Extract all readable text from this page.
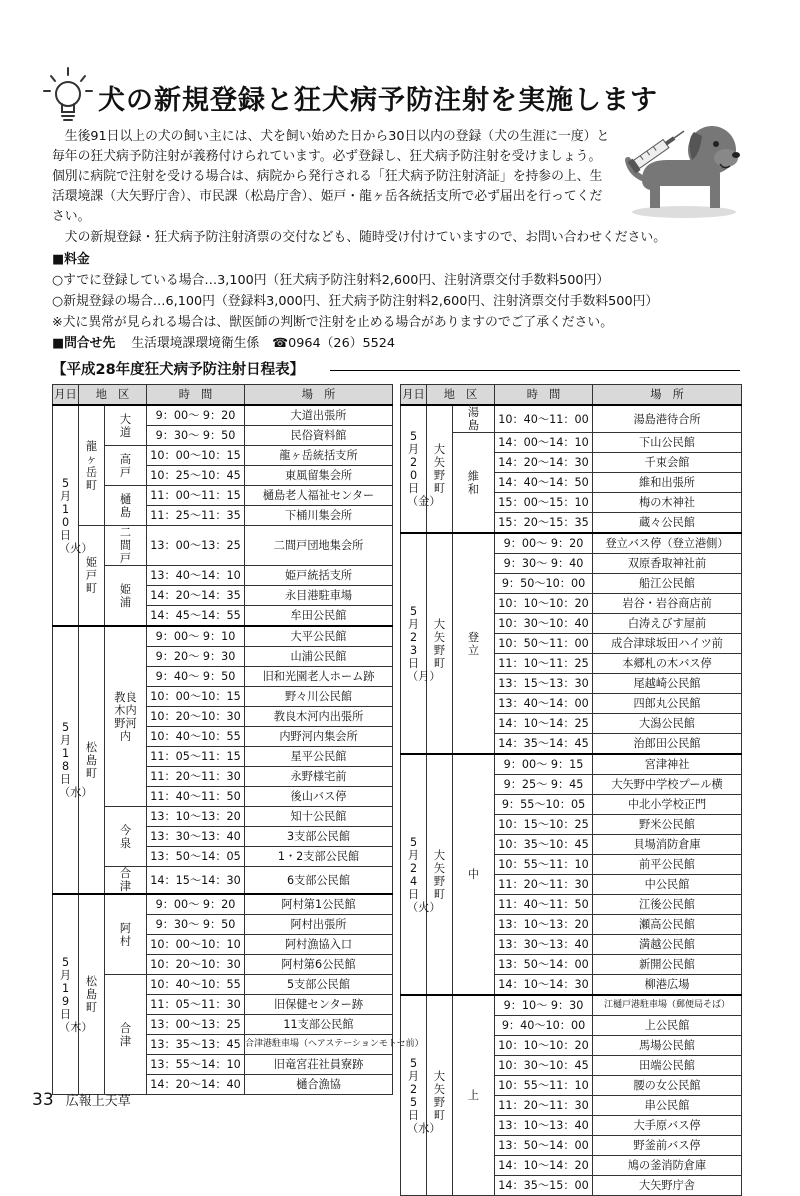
犬の新規登録と狂犬病予防注射を実施します

生後91日以上の犬の飼い主には、犬を飼い始めた日から30日以内の登録（犬の生涯に一度）と毎年の狂犬病予防注射が義務付けられています。必ず登録し、狂犬病予防注射を受けましょう。個別に病院で注射を受ける場合は、病院から発行される「狂犬病予防注射済証」を持参の上、生活環境課（大矢野庁舎）、市民課（松島庁舎）、姫戸・龍ヶ岳各統括支所で必ず届出を行ってください。

犬の新規登録・狂犬病予防注射済票の交付なども、随時受け付けていますので、お問い合わせください。
■料金
○すでに登録している場合…3,100円（狂犬病予防注射料2,600円、注射済票交付手数料500円）
○新規登録の場合…6,100円（登録料3,000円、狂犬病予防注射料2,600円、注射済票交付手数料500円）
※犬に異常が見られる場合は、獣医師の判断で注射を止める場合がありますのでご了承ください。
■問合せ先 生活環境課環境衛生係　☎0964（26）5524
【平成28年度狂犬病予防注射日程表】
月日	地　区		時　間	場　所
5月10日（火）	龍ヶ岳町	大道	9：00～ 9：20	大道出張所
			9：30～ 9：50	民俗資料館
		高戸	10：00～10：15	龍ヶ岳統括支所
			10：25～10：45	東風留集会所
		樋島	11：00～11：15	樋島老人福祉センター
			11：25～11：35	下桶川集会所
	姫戸町	二間戸	13：00～13：25	二間戸団地集会所
		姫浦	13：40～14：10	姫戸統括支所
			14：20～14：35	永目港駐車場
			14：45～14：55	牟田公民館
5月18日（水）	松島町	教良木内野河内	9：00～ 9：10	大平公民館
			9：20～ 9：30	山浦公民館
			9：40～ 9：50	旧和光園老人ホーム跡
			10：00～10：15	野々川公民館
			10：20～10：30	教良木河内出張所
			10：40～10：55	内野河内集会所
			11：05～11：15	星平公民館
			11：20～11：30	永野様宅前
			11：40～11：50	後山バス停
		今泉	13：10～13：20	知十公民館
			13：30～13：40	3支部公民館
			13：50～14：05	1・2支部公民館
		合津	14：15～14：30	6支部公民館
5月19日（木）	松島町	阿村	9：00～ 9：20	阿村第1公民館
			9：30～ 9：50	阿村出張所
			10：00～10：10	阿村漁協入口
			10：20～10：30	阿村第6公民館
		合津	10：40～10：55	5支部公民館
			11：05～11：30	旧保健センター跡
			13：00～13：25	11支部公民館
			13：35～13：45	合津港駐車場（ヘアステーションモトセ前）
			13：55～14：10	旧竜宮荘社員寮跡
			14：20～14：40	樋合漁協
月日	地　区		時　間	場　所
5月20日（金）	大矢野町	湯島	10：40～11：00	湯島港待合所
		維和	14：00～14：10	下山公民館
			14：20～14：30	千束会館
			14：40～14：50	維和出張所
			15：00～15：10	梅の木神社
			15：20～15：35	蔵々公民館
5月23日（月）	大矢野町	登立	9：00～ 9：20	登立バス停（登立港側）
			9：30～ 9：40	双原香取神社前
			9：50～10：00	船江公民館
			10：10～10：20	岩谷・岩谷商店前
			10：30～10：40	白涛えびす屋前
			10：50～11：00	成合津球坂田ハイツ前
			11：10～11：25	本郷札の木バス停
			13：15～13：30	尾越崎公民館
			13：40～14：00	四郎丸公民館
			14：10～14：25	大潟公民館
			14：35～14：45	治郎田公民館
5月24日（火）	大矢野町	中	9：00～ 9：15	宮津神社
			9：25～ 9：45	大矢野中学校プール横
			9：55～10：05	中北小学校正門
			10：15～10：25	野米公民館
			10：35～10：45	貝場消防倉庫
			10：55～11：10	前平公民館
			11：20～11：30	中公民館
			11：40～11：50	江後公民館
			13：10～13：20	瀬高公民館
			13：30～13：40	満越公民館
			13：50～14：00	新開公民館
			14：10～14：30	柳港広場
5月25日（水）	大矢野町	上	9：10～ 9：30	江樋戸港駐車場（郵便局そば）
			9：40～10：00	上公民館
			10：10～10：20	馬場公民館
			10：30～10：45	田端公民館
			10：55～11：10	腰の女公民館
			11：20～11：30	串公民館
			13：10～13：40	大手原バス停
			13：50～14：00	野釜前バス停
			14：10～14：20	鳩の釜消防倉庫
			14：35～15：00	大矢野庁舎
33 広報上天草
